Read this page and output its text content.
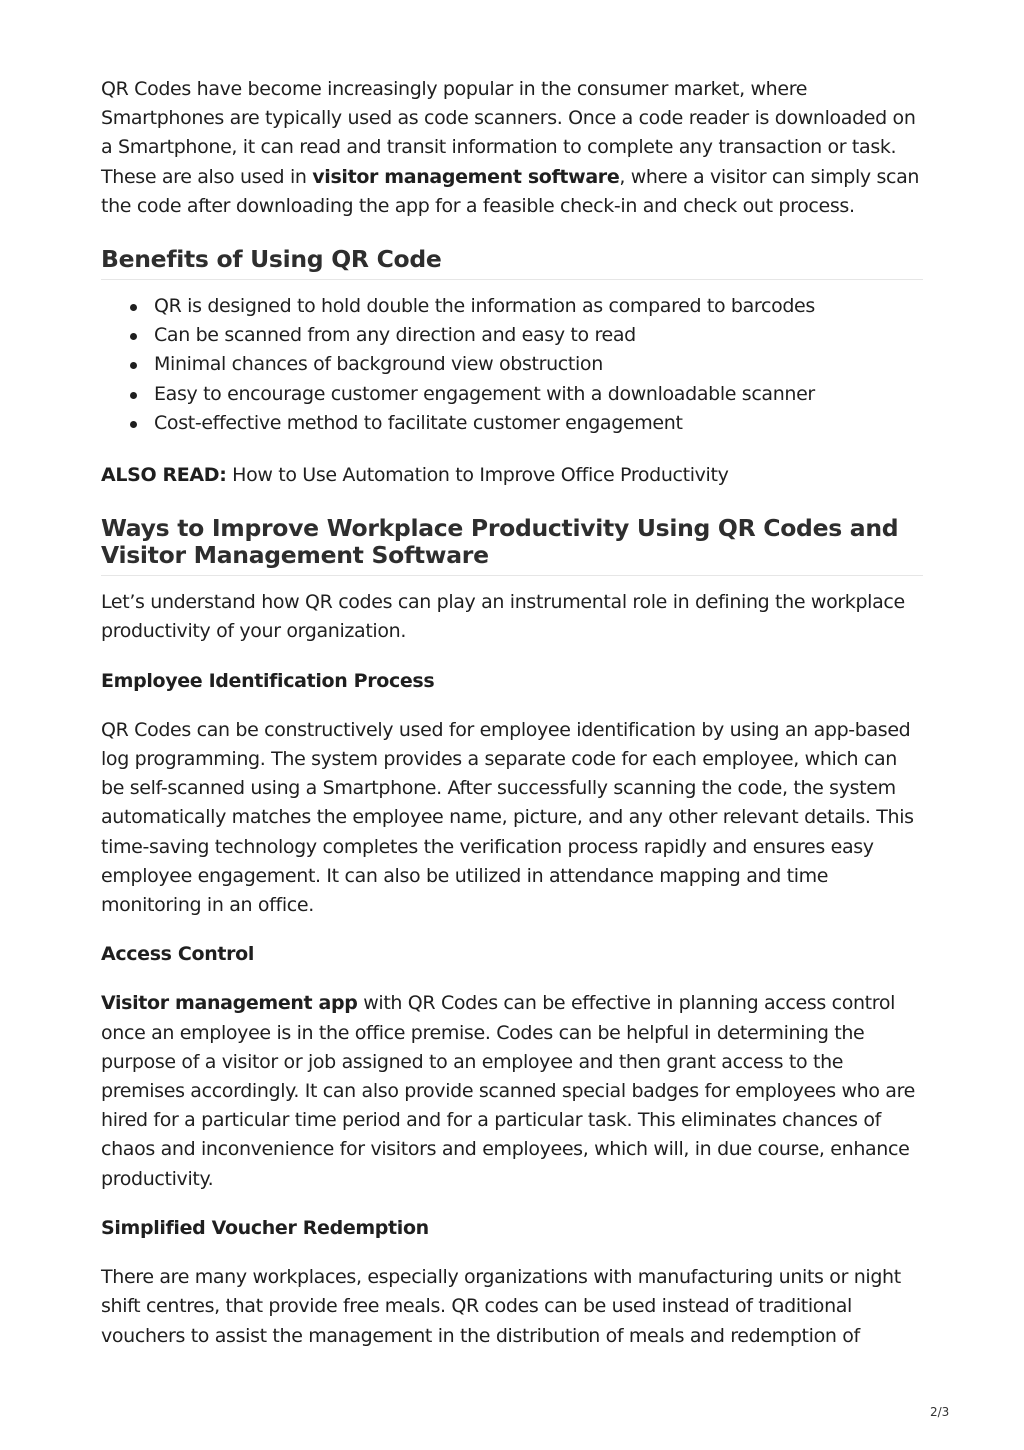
QR Codes have become increasingly popular in the consumer market, where Smartphones are typically used as code scanners. Once a code reader is downloaded on a Smartphone, it can read and transit information to complete any transaction or task. These are also used in visitor management software, where a visitor can simply scan the code after downloading the app for a feasible check-in and check out process.

Benefits of Using QR Code
QR is designed to hold double the information as compared to barcodes
Can be scanned from any direction and easy to read
Minimal chances of background view obstruction
Easy to encourage customer engagement with a downloadable scanner
Cost-effective method to facilitate customer engagement

ALSO READ: How to Use Automation to Improve Office Productivity

Ways to Improve Workplace Productivity Using QR Codes and Visitor Management Software

Let’s understand how QR codes can play an instrumental role in defining the workplace productivity of your organization.

Employee Identification Process

QR Codes can be constructively used for employee identification by using an app-based log programming. The system provides a separate code for each employee, which can be self-scanned using a Smartphone. After successfully scanning the code, the system automatically matches the employee name, picture, and any other relevant details. This time-saving technology completes the verification process rapidly and ensures easy employee engagement. It can also be utilized in attendance mapping and time monitoring in an office.

Access Control

Visitor management app with QR Codes can be effective in planning access control once an employee is in the office premise. Codes can be helpful in determining the purpose of a visitor or job assigned to an employee and then grant access to the premises accordingly. It can also provide scanned special badges for employees who are hired for a particular time period and for a particular task. This eliminates chances of chaos and inconvenience for visitors and employees, which will, in due course, enhance productivity.

Simplified Voucher Redemption

There are many workplaces, especially organizations with manufacturing units or night shift centres, that provide free meals. QR codes can be used instead of traditional vouchers to assist the management in the distribution of meals and redemption of

2/3
